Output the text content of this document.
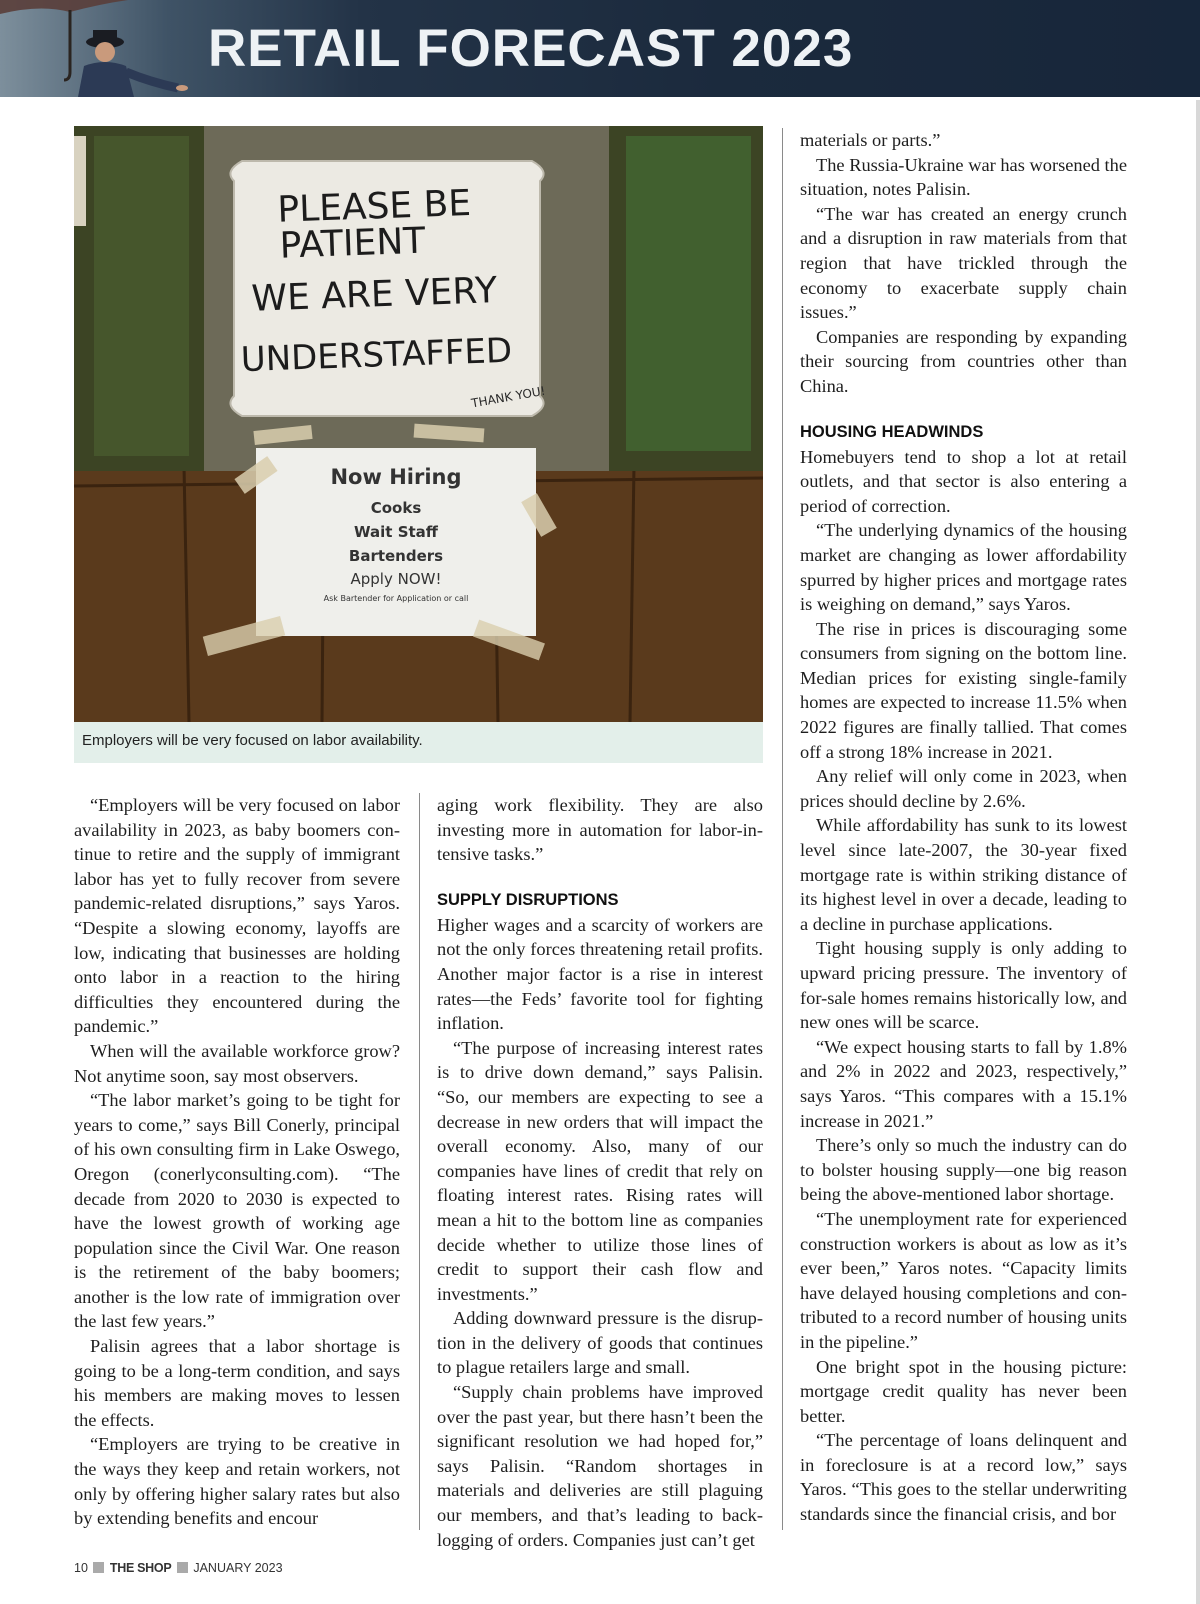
RETAIL FORECAST 2023
PLEASE BE
PATIENT
WE ARE VERY
UNDERSTAFFED
THANK YOU!
Now Hiring
Cooks
Wait Staff
Bartenders
Apply NOW!
Ask Bartender for Application or call
Employers will be very focused on labor availability.

“Employers will be very focused on labor availability in 2023, as baby boomers continue to retire and the supply of immigrant labor has yet to fully recover from severe pandemic-related disruptions,” says Yaros. “Despite a slowing economy, layoffs are low, indicating that businesses are holding onto labor in a reaction to the hiring difficulties they encountered during the pandemic.”

When will the available workforce grow? Not anytime soon, say most observers.

“The labor market’s going to be tight for years to come,” says Bill Conerly, principal of his own consulting firm in Lake Oswego, Oregon (conerlyconsulting.com). “The decade from 2020 to 2030 is expected to have the lowest growth of working age population since the Civil War. One reason is the retirement of the baby boomers; another is the low rate of immigration over the last few years.”

Palisin agrees that a labor shortage is going to be a long-term condition, and says his members are making moves to lessen the effects.

“Employers are trying to be creative in the ways they keep and retain workers, not only by offering higher salary rates but also by extending benefits and encour

aging work flexibility. They are also investing more in automation for labor-intensive tasks.”

SUPPLY DISRUPTIONS

Higher wages and a scarcity of workers are not the only forces threatening retail profits. Another major factor is a rise in interest rates—the Feds’ favorite tool for fighting inflation.

“The purpose of increasing interest rates is to drive down demand,” says Palisin. “So, our members are expecting to see a decrease in new orders that will impact the overall economy. Also, many of our companies have lines of credit that rely on floating interest rates. Rising rates will mean a hit to the bottom line as companies decide whether to utilize those lines of credit to support their cash flow and investments.”

Adding downward pressure is the disruption in the delivery of goods that continues to plague retailers large and small.

“Supply chain problems have improved over the past year, but there hasn’t been the significant resolution we had hoped for,” says Palisin. “Random shortages in materials and deliveries are still plaguing our members, and that’s leading to backlogging of orders. Companies just can’t get

materials or parts.”

The Russia-Ukraine war has worsened the situation, notes Palisin.

“The war has created an energy crunch and a disruption in raw materials from that region that have trickled through the economy to exacerbate supply chain issues.”

Companies are responding by expanding their sourcing from countries other than China.

HOUSING HEADWINDS

Homebuyers tend to shop a lot at retail outlets, and that sector is also entering a period of correction.

“The underlying dynamics of the housing market are changing as lower affordability spurred by higher prices and mortgage rates is weighing on demand,” says Yaros.

The rise in prices is discouraging some consumers from signing on the bottom line. Median prices for existing single-family homes are expected to increase 11.5% when 2022 figures are finally tallied. That comes off a strong 18% increase in 2021.

Any relief will only come in 2023, when prices should decline by 2.6%.

While affordability has sunk to its lowest level since late-2007, the 30-year fixed mortgage rate is within striking distance of its highest level in over a decade, leading to a decline in purchase applications.

Tight housing supply is only adding to upward pricing pressure. The inventory of for-sale homes remains historically low, and new ones will be scarce.

“We expect housing starts to fall by 1.8% and 2% in 2022 and 2023, respectively,” says Yaros. “This compares with a 15.1% increase in 2021.”

There’s only so much the industry can do to bolster housing supply—one big reason being the above-mentioned labor shortage.

“The unemployment rate for experienced construction workers is about as low as it’s ever been,” Yaros notes. “Capacity limits have delayed housing completions and contributed to a record number of housing units in the pipeline.”

One bright spot in the housing picture: mortgage credit quality has never been better.

“The percentage of loans delinquent and in foreclosure is at a record low,” says Yaros. “This goes to the stellar underwriting standards since the financial crisis, and bor

10 THE SHOP JANUARY 2023
